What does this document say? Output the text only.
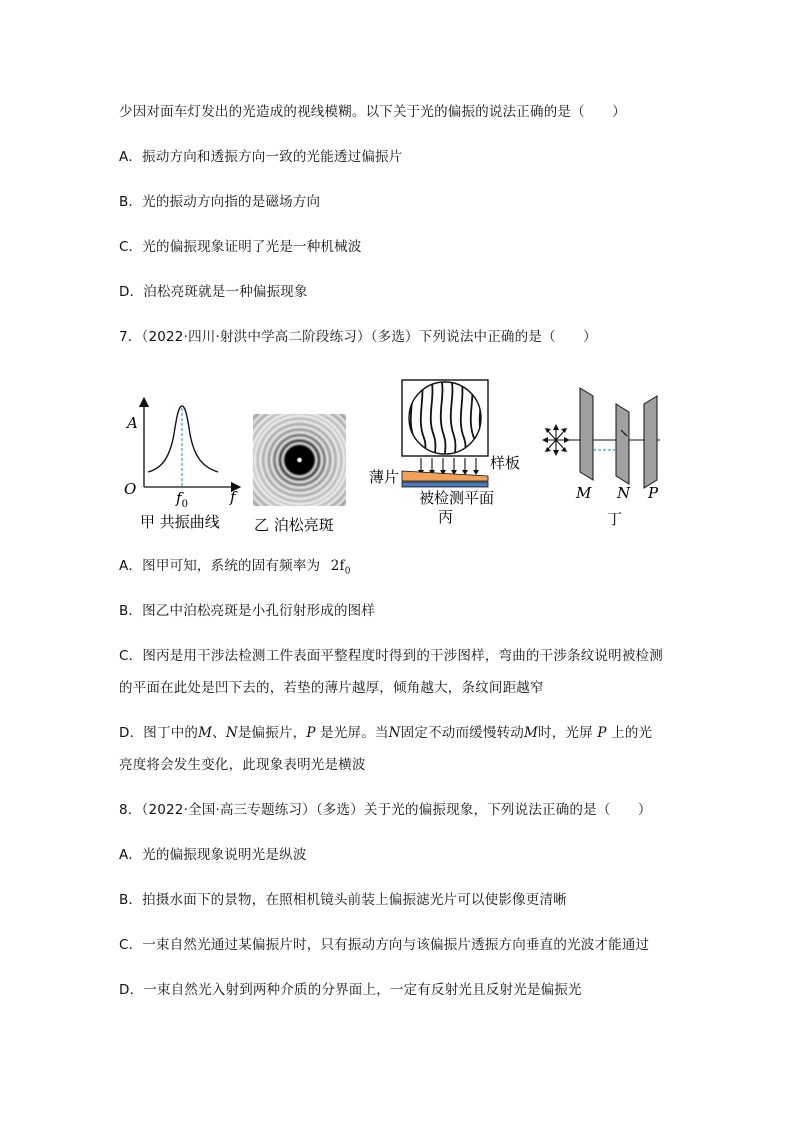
少因对面车灯发出的光造成的视线模糊。以下关于光的偏振的说法正确的是（　　）
A．振动方向和透振方向一致的光能透过偏振片
B．光的振动方向指的是磁场方向
C．光的偏振现象证明了光是一种机械波
D．泊松亮斑就是一种偏振现象
7．（2022·四川·射洪中学高二阶段练习）（多选）下列说法中正确的是（　　）
A
O	f
$f_0$
甲 共振曲线 乙 泊松亮斑
薄片
样板
被检测平面
丙
M N P
丁
A．图甲可知，系统的固有频率为 $2f_0$
B．图乙中泊松亮斑是小孔衍射形成的图样
C．图丙是用干涉法检测工件表面平整程度时得到的干涉图样，弯曲的干涉条纹说明被检测
的平面在此处是凹下去的，若垫的薄片越厚，倾角越大，条纹间距越窄
D．图丁中的M、N是偏振片，P 是光屏。当N固定不动而缓慢转动M时，光屏 P 上的光
亮度将会发生变化，此现象表明光是横波
8．（2022·全国·高三专题练习）（多选）关于光的偏振现象，下列说法正确的是（　　）
A．光的偏振现象说明光是纵波
B．拍摄水面下的景物，在照相机镜头前装上偏振滤光片可以使影像更清晰
C．一束自然光通过某偏振片时，只有振动方向与该偏振片透振方向垂直的光波才能通过
D．一束自然光入射到两种介质的分界面上，一定有反射光且反射光是偏振光
